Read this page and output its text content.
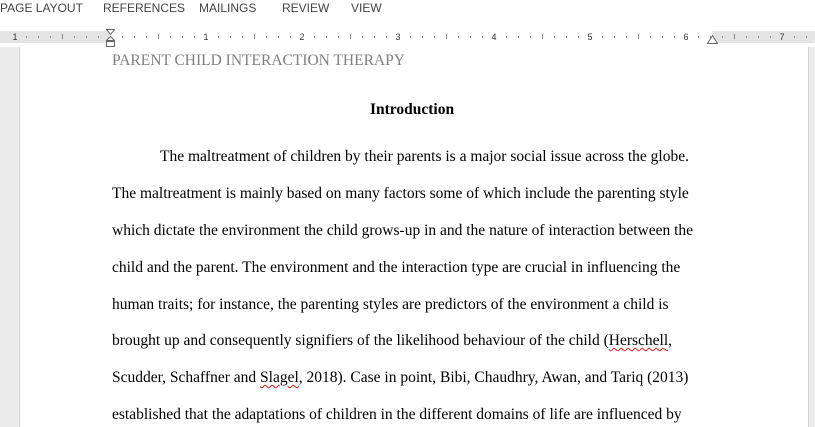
PAGE LAYOUT REFERENCES MAILINGS REVIEW VIEW
1	1	2	3	4	5	6	7
PARENT CHILD INTERACTION THERAPY
Introduction
The maltreatment of children by their parents is a major social issue across the globe.
The maltreatment is mainly based on many factors some of which include the parenting style
which dictate the environment the child grows-up in and the nature of interaction between the
child and the parent. The environment and the interaction type are crucial in influencing the
human traits; for instance, the parenting styles are predictors of the environment a child is
brought up and consequently signifiers of the likelihood behaviour of the child (Herschell,
Scudder, Schaffner and Slagel, 2018). Case in point, Bibi, Chaudhry, Awan, and Tariq (2013)
established that the adaptations of children in the different domains of life are influenced by
